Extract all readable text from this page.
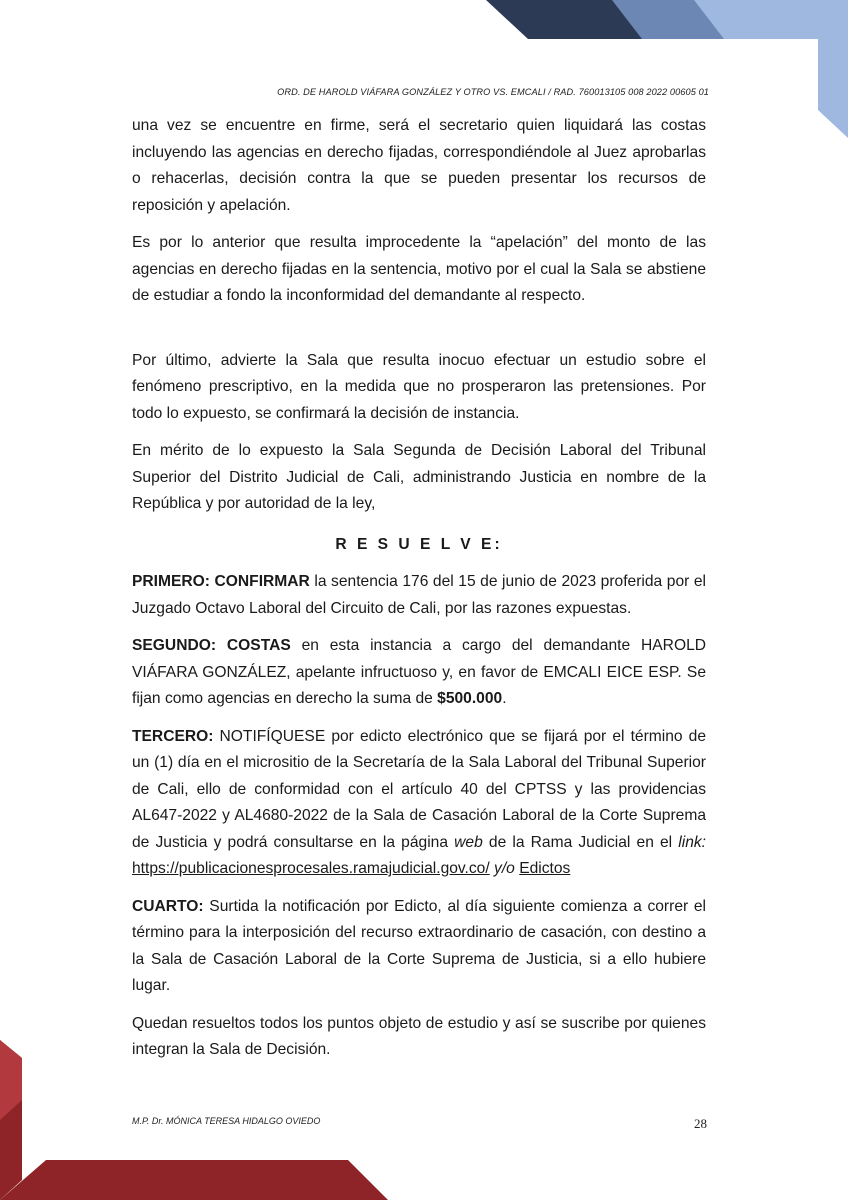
ORD. DE HAROLD VIÁFARA GONZÁLEZ Y OTRO VS. EMCALI / RAD. 760013105 008 2022 00605 01

una vez se encuentre en firme, será el secretario quien liquidará las costas incluyendo las agencias en derecho fijadas, correspondiéndole al Juez aprobarlas o rehacerlas, decisión contra la que se pueden presentar los recursos de reposición y apelación.

Es por lo anterior que resulta improcedente la “apelación” del monto de las agencias en derecho fijadas en la sentencia, motivo por el cual la Sala se abstiene de estudiar a fondo la inconformidad del demandante al respecto.

Por último, advierte la Sala que resulta inocuo efectuar un estudio sobre el fenómeno prescriptivo, en la medida que no prosperaron las pretensiones. Por todo lo expuesto, se confirmará la decisión de instancia.

En mérito de lo expuesto la Sala Segunda de Decisión Laboral del Tribunal Superior del Distrito Judicial de Cali, administrando Justicia en nombre de la República y por autoridad de la ley,

R E S U E L V E:

PRIMERO: CONFIRMAR la sentencia 176 del 15 de junio de 2023 proferida por el Juzgado Octavo Laboral del Circuito de Cali, por las razones expuestas.

SEGUNDO: COSTAS en esta instancia a cargo del demandante HAROLD VIÁFARA GONZÁLEZ, apelante infructuoso y, en favor de EMCALI EICE ESP. Se fijan como agencias en derecho la suma de $500.000.

TERCERO: NOTIFÍQUESE por edicto electrónico que se fijará por el término de un (1) día en el micrositio de la Secretaría de la Sala Laboral del Tribunal Superior de Cali, ello de conformidad con el artículo 40 del CPTSS y las providencias AL647-2022 y AL4680-2022 de la Sala de Casación Laboral de la Corte Suprema de Justicia y podrá consultarse en la página web de la Rama Judicial en el link: https://publicacionesprocesales.ramajudicial.gov.co/ y/o Edictos

CUARTO: Surtida la notificación por Edicto, al día siguiente comienza a correr el término para la interposición del recurso extraordinario de casación, con destino a la Sala de Casación Laboral de la Corte Suprema de Justicia, si a ello hubiere lugar.

Quedan resueltos todos los puntos objeto de estudio y así se suscribe por quienes integran la Sala de Decisión.

M.P. Dr. MÓNICA TERESA HIDALGO OVIEDO	28
